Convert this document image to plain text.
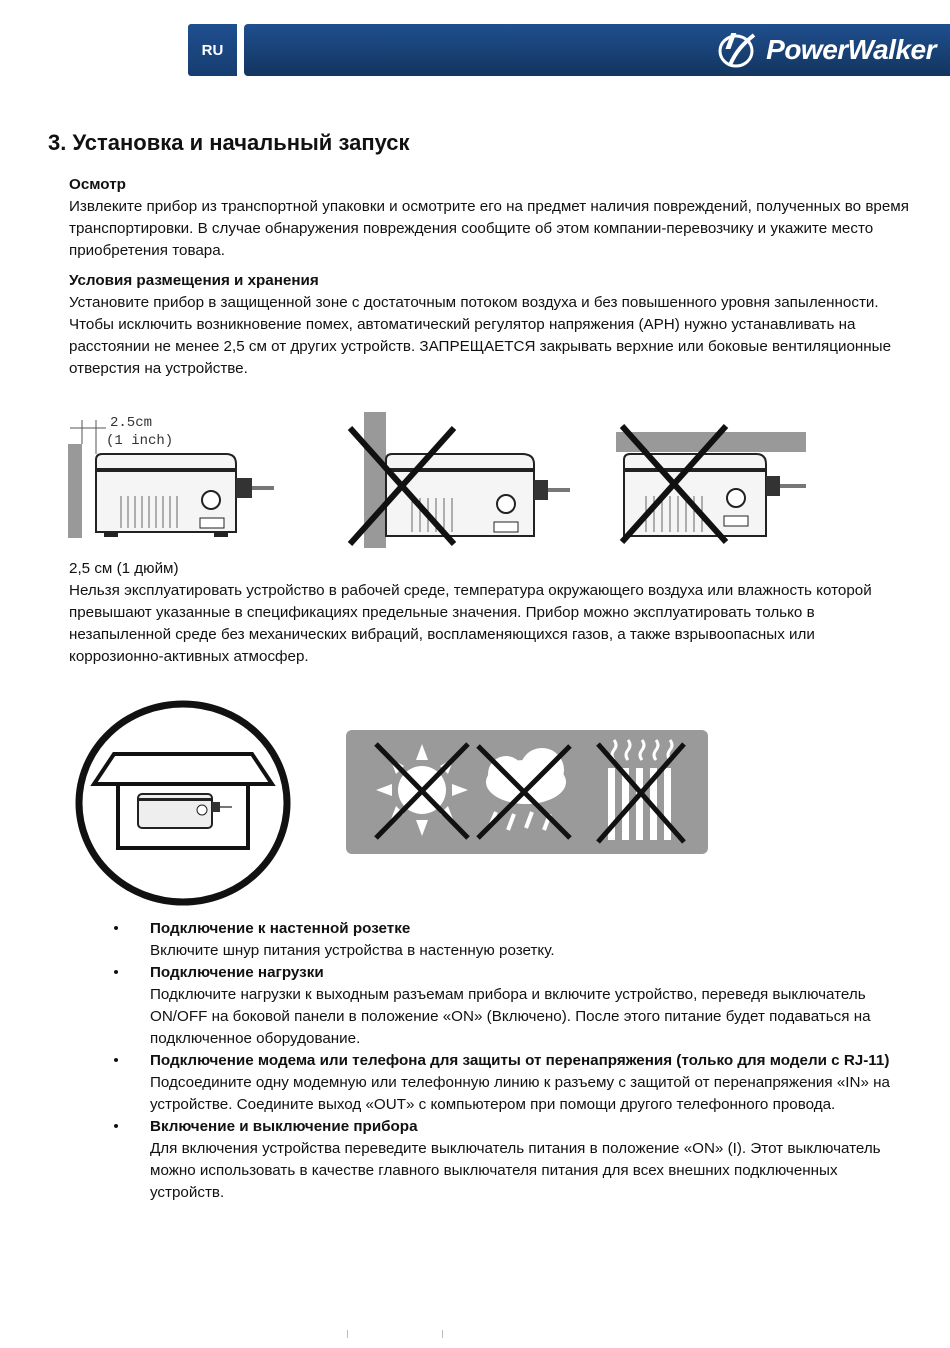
RU	PowerWalker
3. Установка и начальный запуск
Осмотр

Извлеките прибор из транспортной упаковки и осмотрите его на предмет наличия повреждений, полученных во время транспортировки. В случае обнаружения повреждения сообщите об этом компании-перевозчику и укажите место приобретения товара.

Условия размещения и хранения

Установите прибор в защищенной зоне с достаточным потоком воздуха и без повышенного уровня запыленности. Чтобы исключить возникновение помех, автоматический регулятор напряжения (АРН) нужно устанавливать на расстоянии не менее 2,5 см от других устройств. ЗАПРЕЩАЕТСЯ закрывать верхние или боковые вентиляционные отверстия на устройстве.

2.5cm
(1 inch)

2,5 см (1 дюйм)

Нельзя эксплуатировать устройство в рабочей среде, температура окружающего воздуха или влажность которой превышают указанные в спецификациях предельные значения. Прибор можно эксплуатировать только в незапыленной среде без механических вибраций, воспламеняющихся газов, а также взрывоопасных или коррозионно-активных атмосфер.

•	Подключение к настенной розетке
Включите шнур питания устройства в настенную розетку.
•	Подключение нагрузки
Подключите нагрузки к выходным разъемам прибора и включите устройство, переведя выключатель ON/OFF на боковой панели в положение «ON» (Включено). После этого питание будет подаваться на подключенное оборудование.
•	Подключение модема или телефона для защиты от перенапряжения (только для модели с RJ-11)
Подсоедините одну модемную или телефонную линию к разъему с защитой от перенапряжения «IN» на устройстве. Соедините выход «OUT» с компьютером при помощи другого телефонного провода.
•	Включение и выключение прибора
Для включения устройства переведите выключатель питания в положение «ON» (I). Этот выключатель можно использовать в качестве главного выключателя питания для всех внешних подключенных устройств.
